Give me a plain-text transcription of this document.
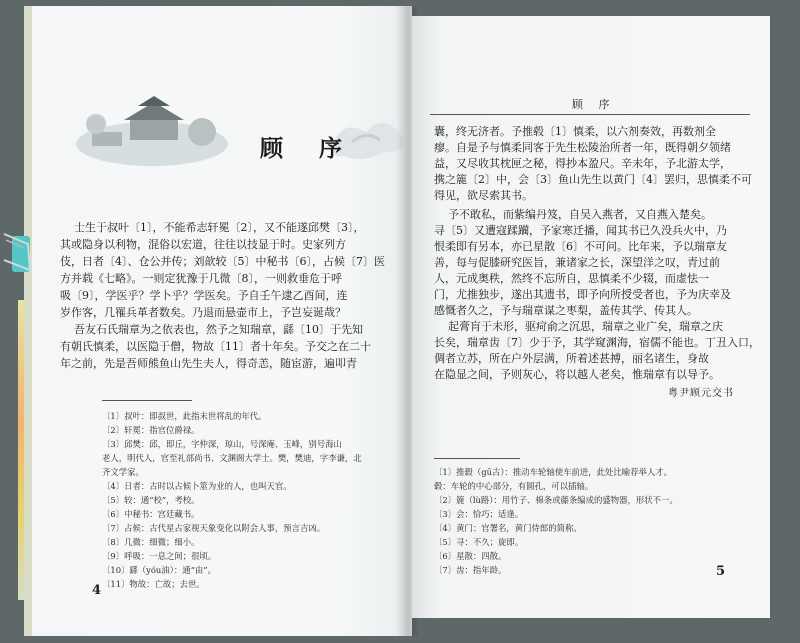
顾 序

士生于叔叶〔1〕，不能希志轩冕〔2〕，又不能遂邱樊〔3〕，

其或隐身以利物，混俗以宏道，往往以技显于时。史家列方

伎，日者〔4〕、仓公并传；刘歆较〔5〕中秘书〔6〕，占候〔7〕医

方并载《七略》。一则定犹豫于几微〔8〕，一则救垂危于呼

吸〔9〕，学医乎？学卜乎？学医矣。予自壬午逮乙酉间，连

岁作客，几罹兵革者数矣。乃退而悬壶市上，予岂妄诞哉？

吾友石氏瑞章为之依表也，然予之知瑞章，繇〔10〕于先知

有朝氏慎柔，以医隐于僧，物故〔11〕者十年矣。予交之在二十

年之前，先是吾师熊鱼山先生夫人，得奇恙，随宦游，遍叩青

〔1〕叔叶：即叔世，此指末世将乱的年代。

〔2〕轩冕：指官位爵禄。

〔3〕邱樊：邱，即丘，字仲深，琼山，号深庵、玉峰，别号海山

老人，明代人，官至礼部尚书、文渊阁大学士。樊，樊迪，字李谦，北

齐文学家。

〔4〕日者：古时以占候卜筮为业的人，也叫天官。

〔5〕较：通“校”，考校。

〔6〕中秘书：宫廷藏书。

〔7〕占候：古代星占家视天象变化以附会人事，预言吉凶。

〔8〕几微：细微；细小。

〔9〕呼吸：一息之间；很顷。

〔10〕繇（yóu油）：通“由”。

〔11〕物故：亡故；去世。

4
顾 序

囊，终无济者。予推毂〔1〕慎柔，以六剂奏效，再数剂全

瘳。自是予与慎柔同客于先生松陵治所者一年，既得朝夕领绪

益，又尽收其枕匣之秘，得抄本盈尺。辛未年，予北游太学，

携之簏〔2〕中，会〔3〕鱼山先生以黄门〔4〕罢归，思慎柔不可

得见，欲尽索其书。

予不敢私，而紫编丹笈，自吴入燕者，又自燕入楚矣。

寻〔5〕又遭寇蹂躏，予家寒迁播，闻其书已久没兵火中，乃

恨柔即有另本，亦已星散〔6〕不可问。比年来，予以瑞章友

善，每与促膝研究医旨，兼诸家之长，深望洋之叹，青过前

人，元成奥秩，然终不忘所自，思慎柔不少辍，而虚怯一

门，尤推独步，遂出其遗书，即予向所授受者也，予为庆幸及

感慨者久之，予与瑞章谋之枣梨，盖传其学、传其人。

起膏肓于未形，驱疴俞之沉思，瑞章之业广矣，瑞章之庆

长矣，瑞章齿〔7〕少于予，其学窥渊海，宿儒不能也。丁丑入口，

倜者立苏，所在户外层满，所着述甚搏，丽名诸生，身故

在隐显之间，予则灰心，将以越人老矣，惟瑞章有以导予。

粤尹顾元交书

〔1〕推毂（gū古）：推动车轮轴使车前进，此处比喻荐举人才。

毂：车轮的中心部分，有圆孔，可以插轴。

〔2〕簏（lù路）：用竹子、棉条或藤条编成的盛物器，形状不一。

〔3〕会：恰巧；适逢。

〔4〕黄门：官署名，黄门侍郎的简称。

〔5〕寻：不久；旋即。

〔6〕星散：四散。

〔7〕齿：指年龄。	5
